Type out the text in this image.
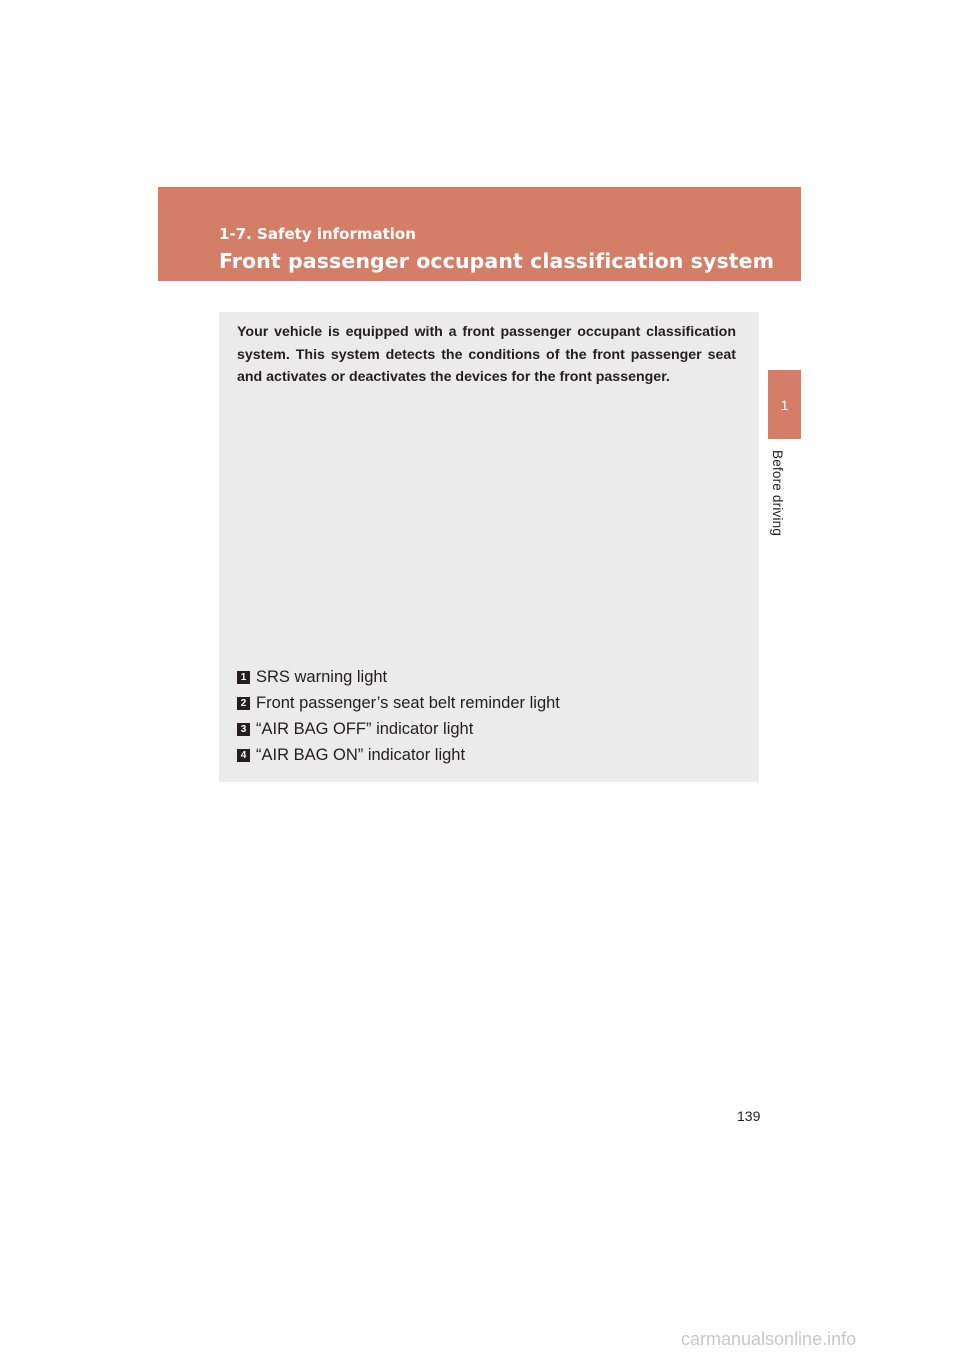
1-7. Safety information
Front passenger occupant classification system
1
Before driving

Your vehicle is equipped with a front passenger occupant classification system. This system detects the conditions of the front passenger seat and activates or deactivates the devices for the front passenger.

1 SRS warning light
2 Front passenger’s seat belt reminder light
3 “AIR BAG OFF” indicator light
4 “AIR BAG ON” indicator light
139
carmanualsonline.info
